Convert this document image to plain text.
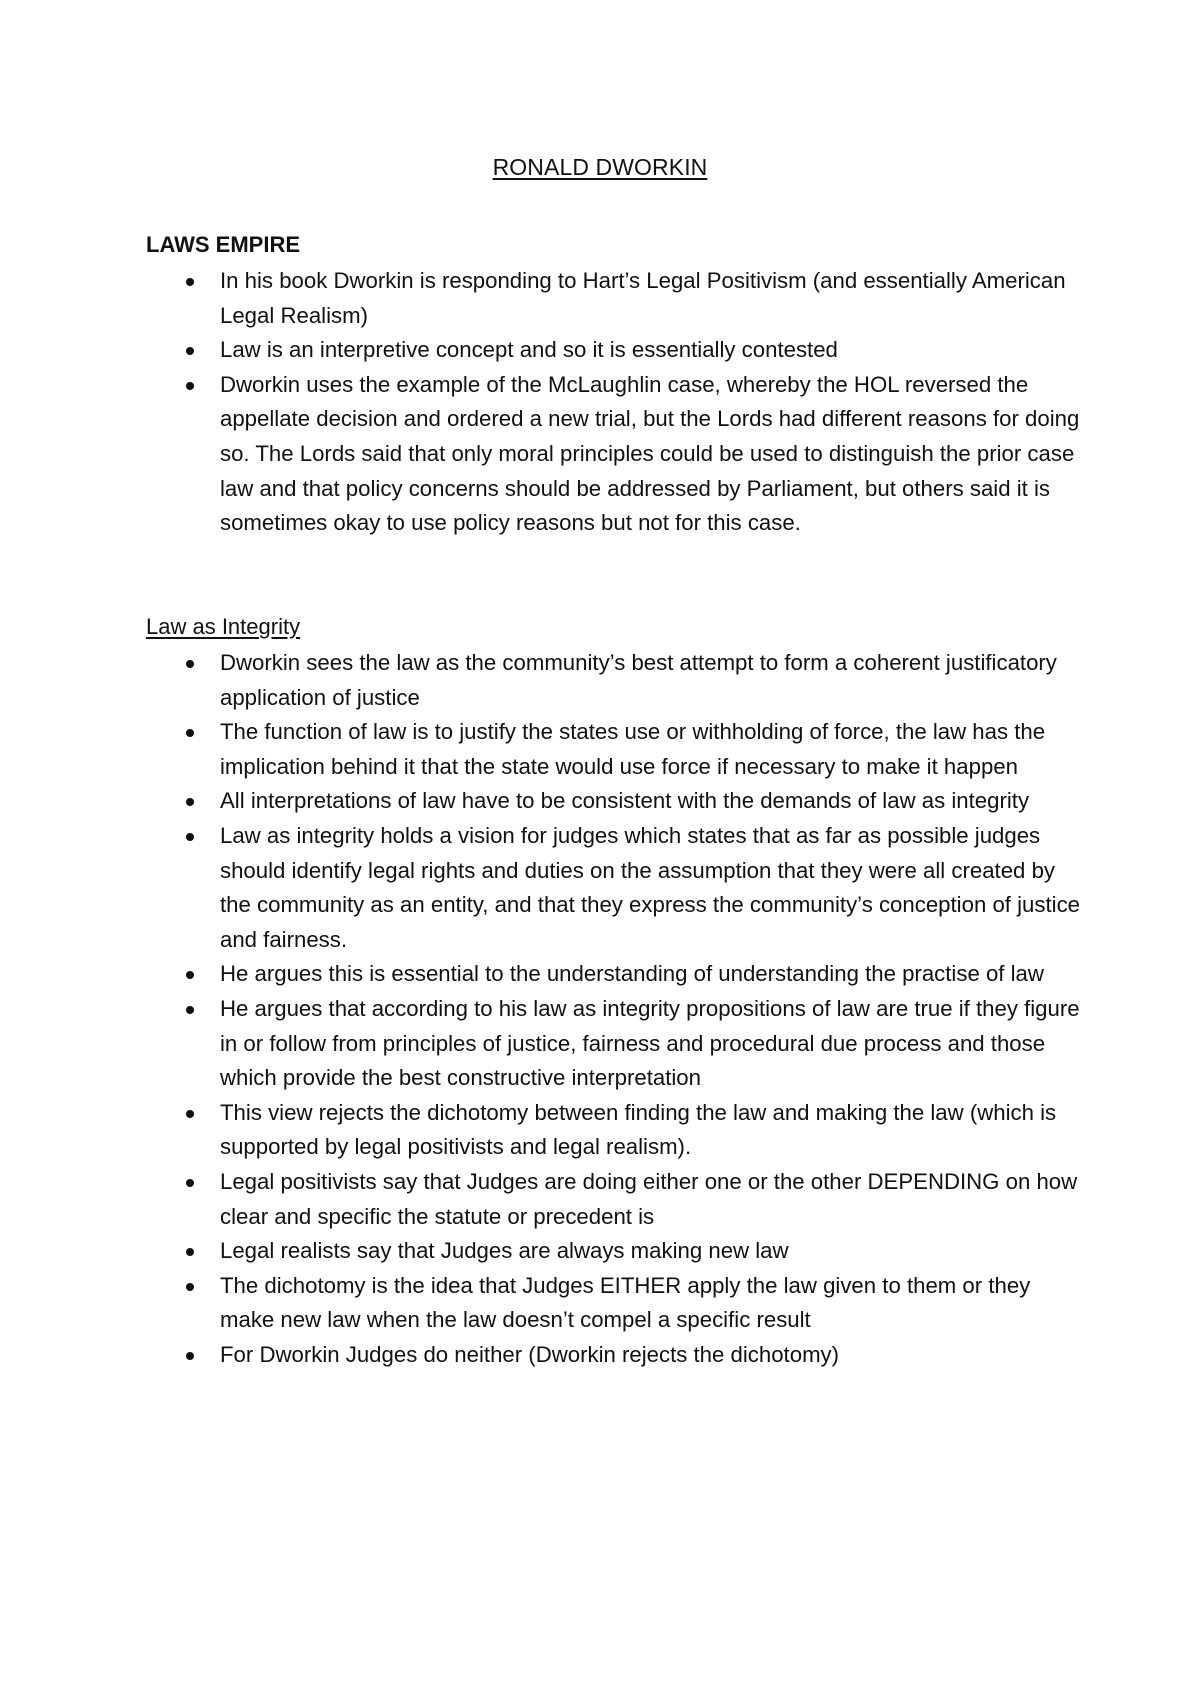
RONALD DWORKIN
LAWS EMPIRE
In his book Dworkin is responding to Hart’s Legal Positivism (and essentially American Legal Realism)
Law is an interpretive concept and so it is essentially contested
Dworkin uses the example of the McLaughlin case, whereby the HOL reversed the appellate decision and ordered a new trial, but the Lords had different reasons for doing so. The Lords said that only moral principles could be used to distinguish the prior case law and that policy concerns should be addressed by Parliament, but others said it is sometimes okay to use policy reasons but not for this case.
Law as Integrity
Dworkin sees the law as the community’s best attempt to form a coherent justificatory application of justice
The function of law is to justify the states use or withholding of force, the law has the implication behind it that the state would use force if necessary to make it happen
All interpretations of law have to be consistent with the demands of law as integrity
Law as integrity holds a vision for judges which states that as far as possible judges should identify legal rights and duties on the assumption that they were all created by the community as an entity, and that they express the community’s conception of justice and fairness.
He argues this is essential to the understanding of understanding the practise of law
He argues that according to his law as integrity propositions of law are true if they figure in or follow from principles of justice, fairness and procedural due process and those which provide the best constructive interpretation
This view rejects the dichotomy between finding the law and making the law (which is supported by legal positivists and legal realism).
Legal positivists say that Judges are doing either one or the other DEPENDING on how clear and specific the statute or precedent is
Legal realists say that Judges are always making new law
The dichotomy is the idea that Judges EITHER apply the law given to them or they make new law when the law doesn’t compel a specific result
For Dworkin Judges do neither (Dworkin rejects the dichotomy)
